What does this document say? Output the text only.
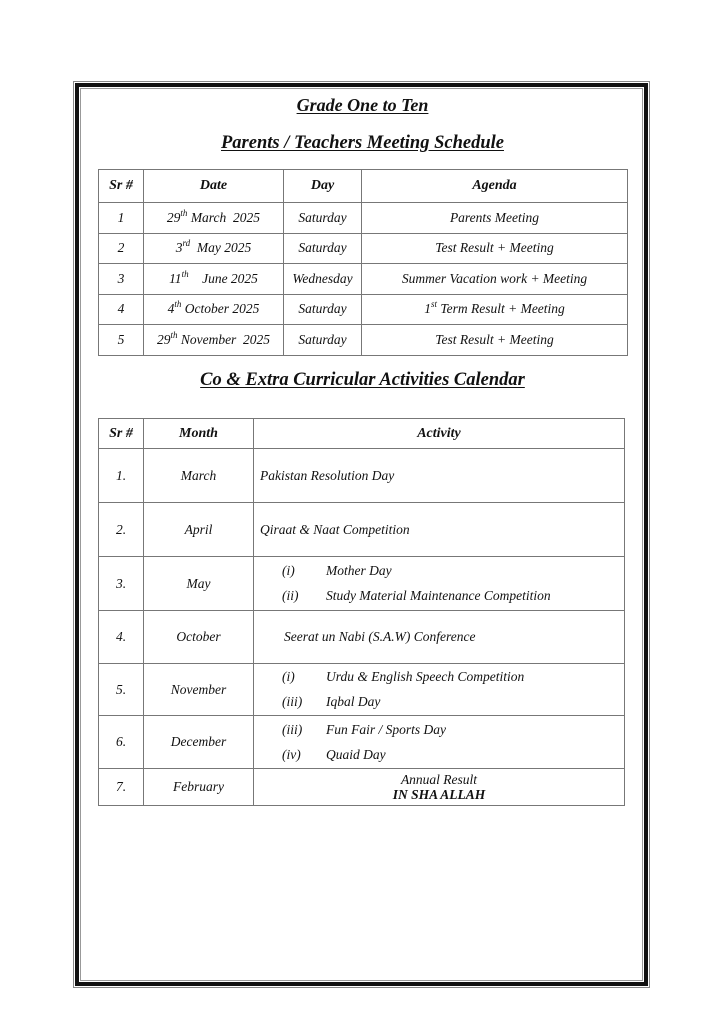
Grade One to Ten
Parents / Teachers Meeting Schedule
Sr #	Date	Day	Agenda
1	29th March  2025	Saturday	Parents Meeting
2	3rd  May 2025	Saturday	Test Result + Meeting
3	11th    June 2025	Wednesday	Summer Vacation work + Meeting
4	4th October 2025	Saturday	1st Term Result + Meeting
5	29th November  2025	Saturday	Test Result + Meeting
Co & Extra Curricular Activities Calendar
Sr #	Month	Activity
1.	March	Pakistan Resolution Day
2.	April	Qiraat & Naat Competition
3.	May	(i) Mother Day
(ii) Study Material Maintenance Competition

4.	October	Seerat un Nabi (S.A.W) Conference
5.	November	(i) Urdu & English Speech Competition
(iii) Iqbal Day

6.	December	(iii) Fun Fair / Sports Day
(iv) Quaid Day

7.	February	Annual Result
IN SHA ALLAH
